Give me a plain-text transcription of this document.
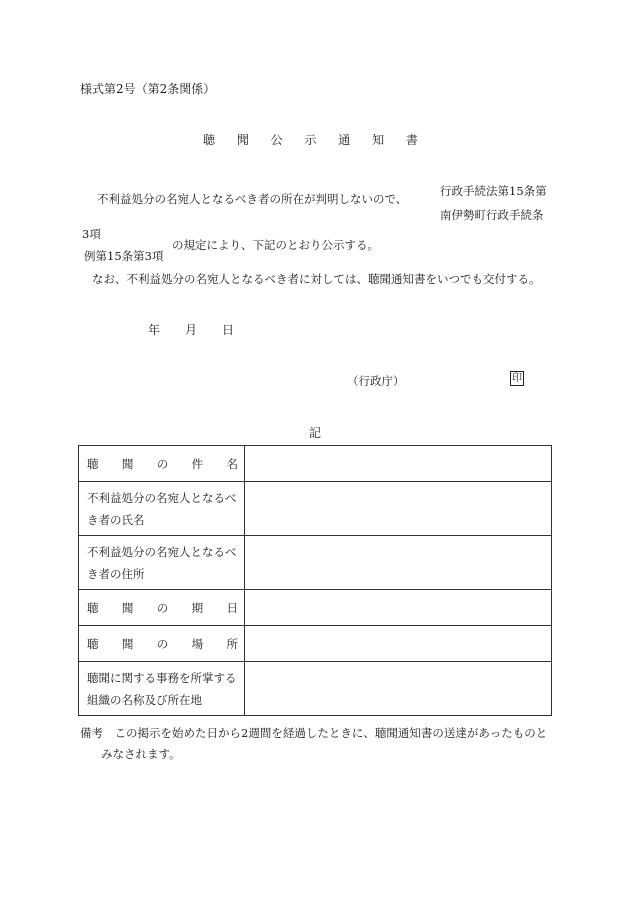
様式第2号（第2条関係）
聴 聞 公 示 通 知 書
不利益処分の名宛人となるべき者の所在が判明しないので、
行政手続法第15条第
南伊勢町行政手続条
3項
例第15条第3項
の規定により、下記のとおり公示する。
なお、不利益処分の名宛人となるべき者に対しては、聴聞通知書をいつでも交付する。
年 月 日
（行政庁）	印
記
聴 聞 の 件 名	

不利益処分の名宛人となるべき者の氏名	

不利益処分の名宛人となるべき者の住所	

聴 聞 の 期 日	

聴 聞 の 場 所	

聴聞に関する事務を所掌する組織の名称及び所在地	

備考　この掲示を始めた日から2週間を経過したときに、聴聞通知書の送達があったものと
みなされます。
